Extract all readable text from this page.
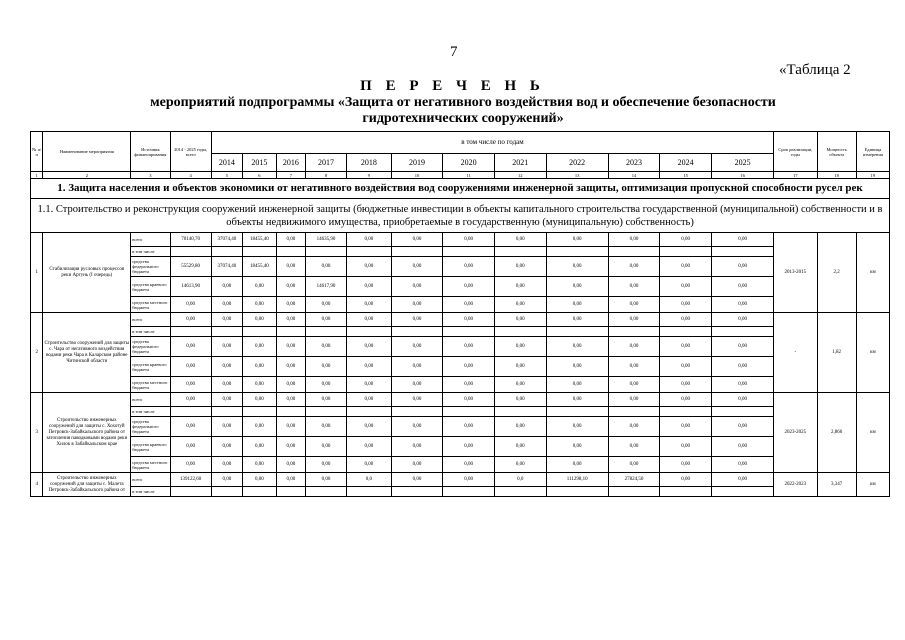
7
«Таблица 2
П Е Р Е Ч Е Н Ь
мероприятий подпрограммы «Защита от негативного воздействия вод и обеспечение безопасности гидротехнических сооружений»
№ п/п	Наименование мероприятия	Источник финансирования	2014 - 2025 годы, всего	в том числе по годам												Срок реализации, годы	Мощность объекта	Единица измерения
				2014	2015	2016	2017	2018	2019	2020	2021	2022	2023	2024	2025			
1	2	3	4	5	6	7	8	9	10	11	12	13	14	15	16	17	18	19
1. Защита населения и объектов экономики от негативного воздействия вод сооружениями инженерной защиты, оптимизация пропускной способности русел рек																		
1.1. Строительство и реконструкция сооружений инженерной защиты (бюджетные инвестиции в объекты капитального строительства государственной (муниципальной) собственности и в объекты недвижимого имущества, приобретаемые в государственную (муниципальную) собственность)																		
1	Стабилизация русловых процессов реки Аргунь (I очередь)	всего	70140,70	37074,40	18455,40	0,00	14635,90	0,00	0,00	0,00	0,00	0,00	0,00	0,00	0,00	2013-2015	2,2	км
		в том числе																
		средства федерального бюджета	55529,80	37074,40	18455,40	0,00	0,00	0,00	0,00	0,00	0,00	0,00	0,00	0,00	0,00			
		средства краевого бюджета	14613,90	0,00	0,00	0,00	14617,90	0,00	0,00	0,00	0,00	0,00	0,00	0,00	0,00			
		средства местного бюджета	0,00	0,00	0,00	0,00	0,00	0,00	0,00	0,00	0,00	0,00	0,00	0,00	0,00			
2	Строительство сооружений для защиты с. Чара от негативного воздействия водами реки Чара в Каларском районе Читинской области	всего	0,00	0,00	0,00	0,00	0,00	0,00	0,00	0,00	0,00	0,00	0,00	0,00	0,00	-	1,82	км
		в том числе																
		средства федерального бюджета	0,00	0,00	0,00	0,00	0,00	0,00	0,00	0,00	0,00	0,00	0,00	0,00	0,00			
		средства краевого бюджета	0,00	0,00	0,00	0,00	0,00	0,00	0,00	0,00	0,00	0,00	0,00	0,00	0,00			
		средства местного бюджета	0,00	0,00	0,00	0,00	0,00	0,00	0,00	0,00	0,00	0,00	0,00	0,00	0,00			
3	Строительство инженерных сооружений для защиты с. Хохотуй Петровск-Забайкальского района от затопления паводковыми водами реки Хилок в Забайкальском крае	всего	0,00	0,00	0,00	0,00	0,00	0,00	0,00	0,00	0,00	0,00	0,00	0,00	0,00	2023-2025	2,866	км
		в том числе																
		средства федерального бюджета	0,00	0,00	0,00	0,00	0,00	0,00	0,00	0,00	0,00	0,00	0,00	0,00	0,00			
		средства краевого бюджета	0,00	0,00	0,00	0,00	0,00	0,00	0,00	0,00	0,00	0,00	0,00	0,00	0,00			
		средства местного бюджета	0,00	0,00	0,00	0,00	0,00	0,00	0,00	0,00	0,00	0,00	0,00	0,00	0,00			
4	Строительство инженерных сооружений для защиты с. Малета Петровск-Забайкальского района от	всего	139122,60	0,00	0,00	0,00	0,00	0,0	0,00	0,00	0,0	111298,10	27824,50	0,00	0,00	2022-2023	3,347	км
		в том числе																
